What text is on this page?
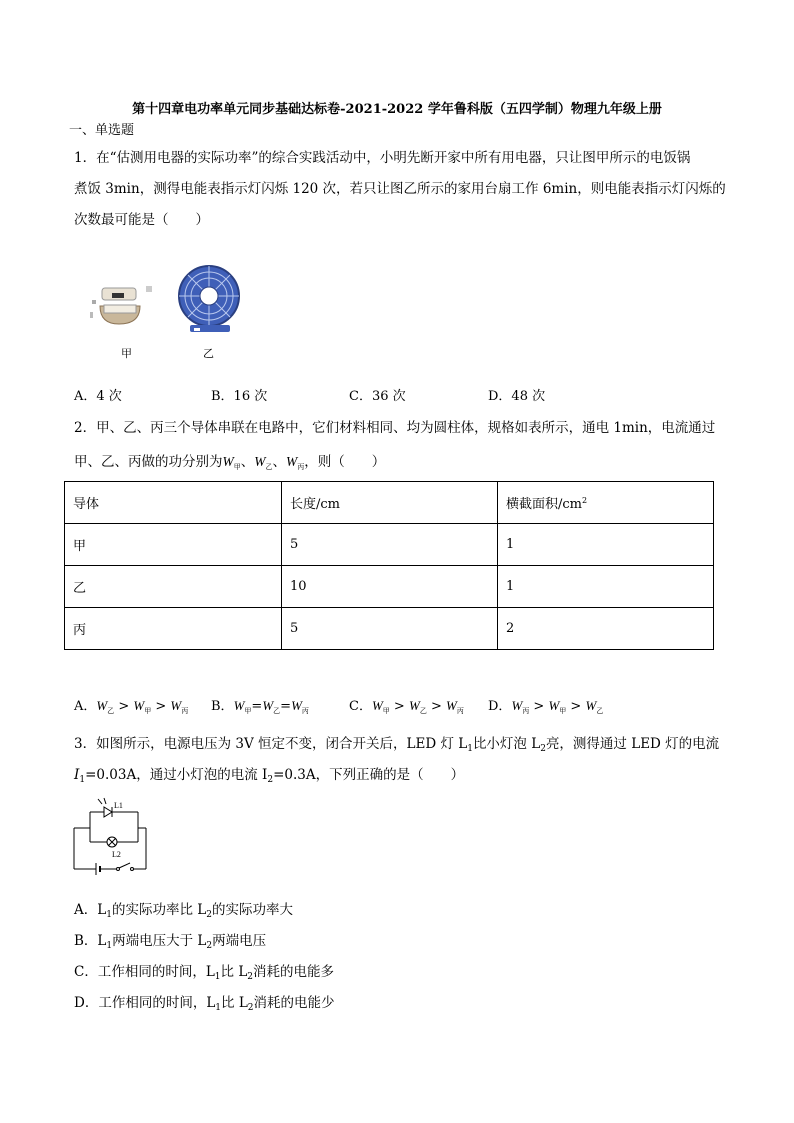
第十四章电功率单元同步基础达标卷-2021-2022 学年鲁科版（五四学制）物理九年级上册
一、单选题
1．在“估测用电器的实际功率”的综合实践活动中，小明先断开家中所有用电器，只让图甲所示的电饭锅
煮饭 3min，测得电能表指示灯闪烁 120 次，若只让图乙所示的家用台扇工作 6min，则电能表指示灯闪烁的
次数最可能是（　　）
甲	乙
A．4 次	B．16 次	C．36 次	D．48 次
2．甲、乙、丙三个导体串联在电路中，它们材料相同、均为圆柱体，规格如表所示，通电 1min，电流通过
甲、乙、丙做的功分别为$W_甲$、$W_乙$、$W_丙$，则（　　）
导体	长度/cm	横截面积$/cm^2$
甲	5	1
乙	10	1
丙	5	2
A．$W_乙 > W_甲 > W_丙$ B．$W_甲=W_乙=W_丙$	C．$W_甲 > W_乙 > W_丙$ D．$W_丙 > W_甲 > W_乙$
3．如图所示，电源电压为 3V 恒定不变，闭合开关后，LED 灯 $L_1$比小灯泡 $L_2$亮，测得通过 LED 灯的电流
$I_1=0.03A$，通过小灯泡的电流 $I_2=0.3A$，下列正确的是（　　）
L1
L2
A．$L_1$的实际功率比 $L_2$的实际功率大
B．$L_1$两端电压大于 $L_2$两端电压
C．工作相同的时间，$L_1$比 $L_2$消耗的电能多
D．工作相同的时间，$L_1$比 $L_2$消耗的电能少
